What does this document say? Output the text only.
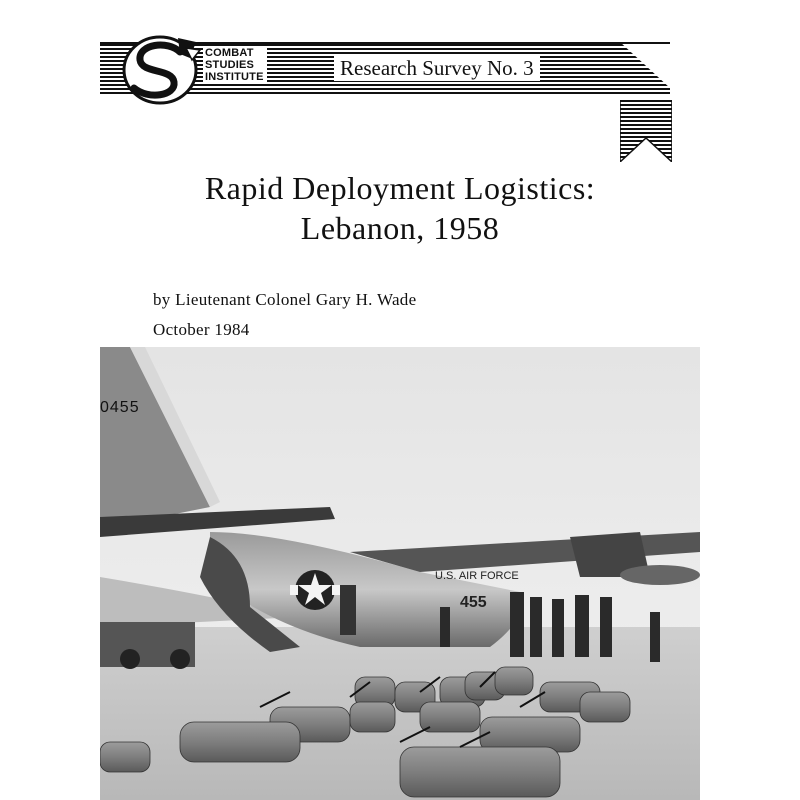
COMBAT
STUDIES
INSTITUTE	Research Survey No. 3
Rapid Deployment Logistics:
Lebanon, 1958
by Lieutenant Colonel Gary H. Wade
October 1984
U.S. AIR FORCE
455
0455
